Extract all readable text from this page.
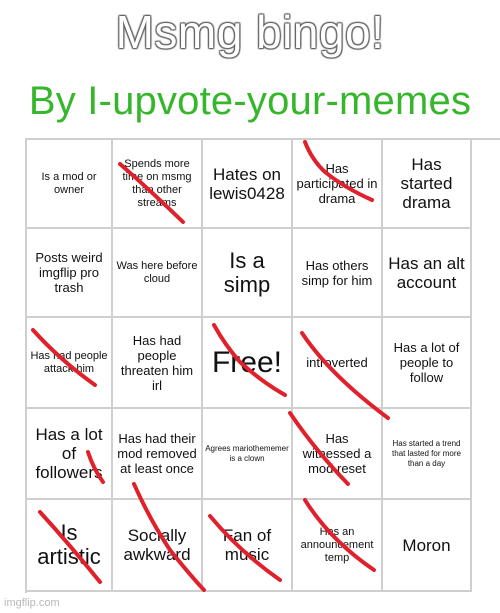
Msmg bingo!
By I-upvote-your-memes
Is a mod or owner
Spends more time on msmg than other streams
Hates on lewis0428
Has participated in drama
Has started drama
Posts weird imgflip pro trash
Was here before cloud
Is a simp
Has others simp for him
Has an alt account
Has had people attack him
Has had people threaten him irl
Free!	introverted
Has a lot of people to follow
Has a lot of followers
Has had their mod removed at least once
Agrees mariothememer is a clown
Has witnessed a mod reset
Has started a trend that lasted for more than a day
Is artistic
Socially awkward
Fan of music
Has an announcement temp
Moron
imgflip.com
